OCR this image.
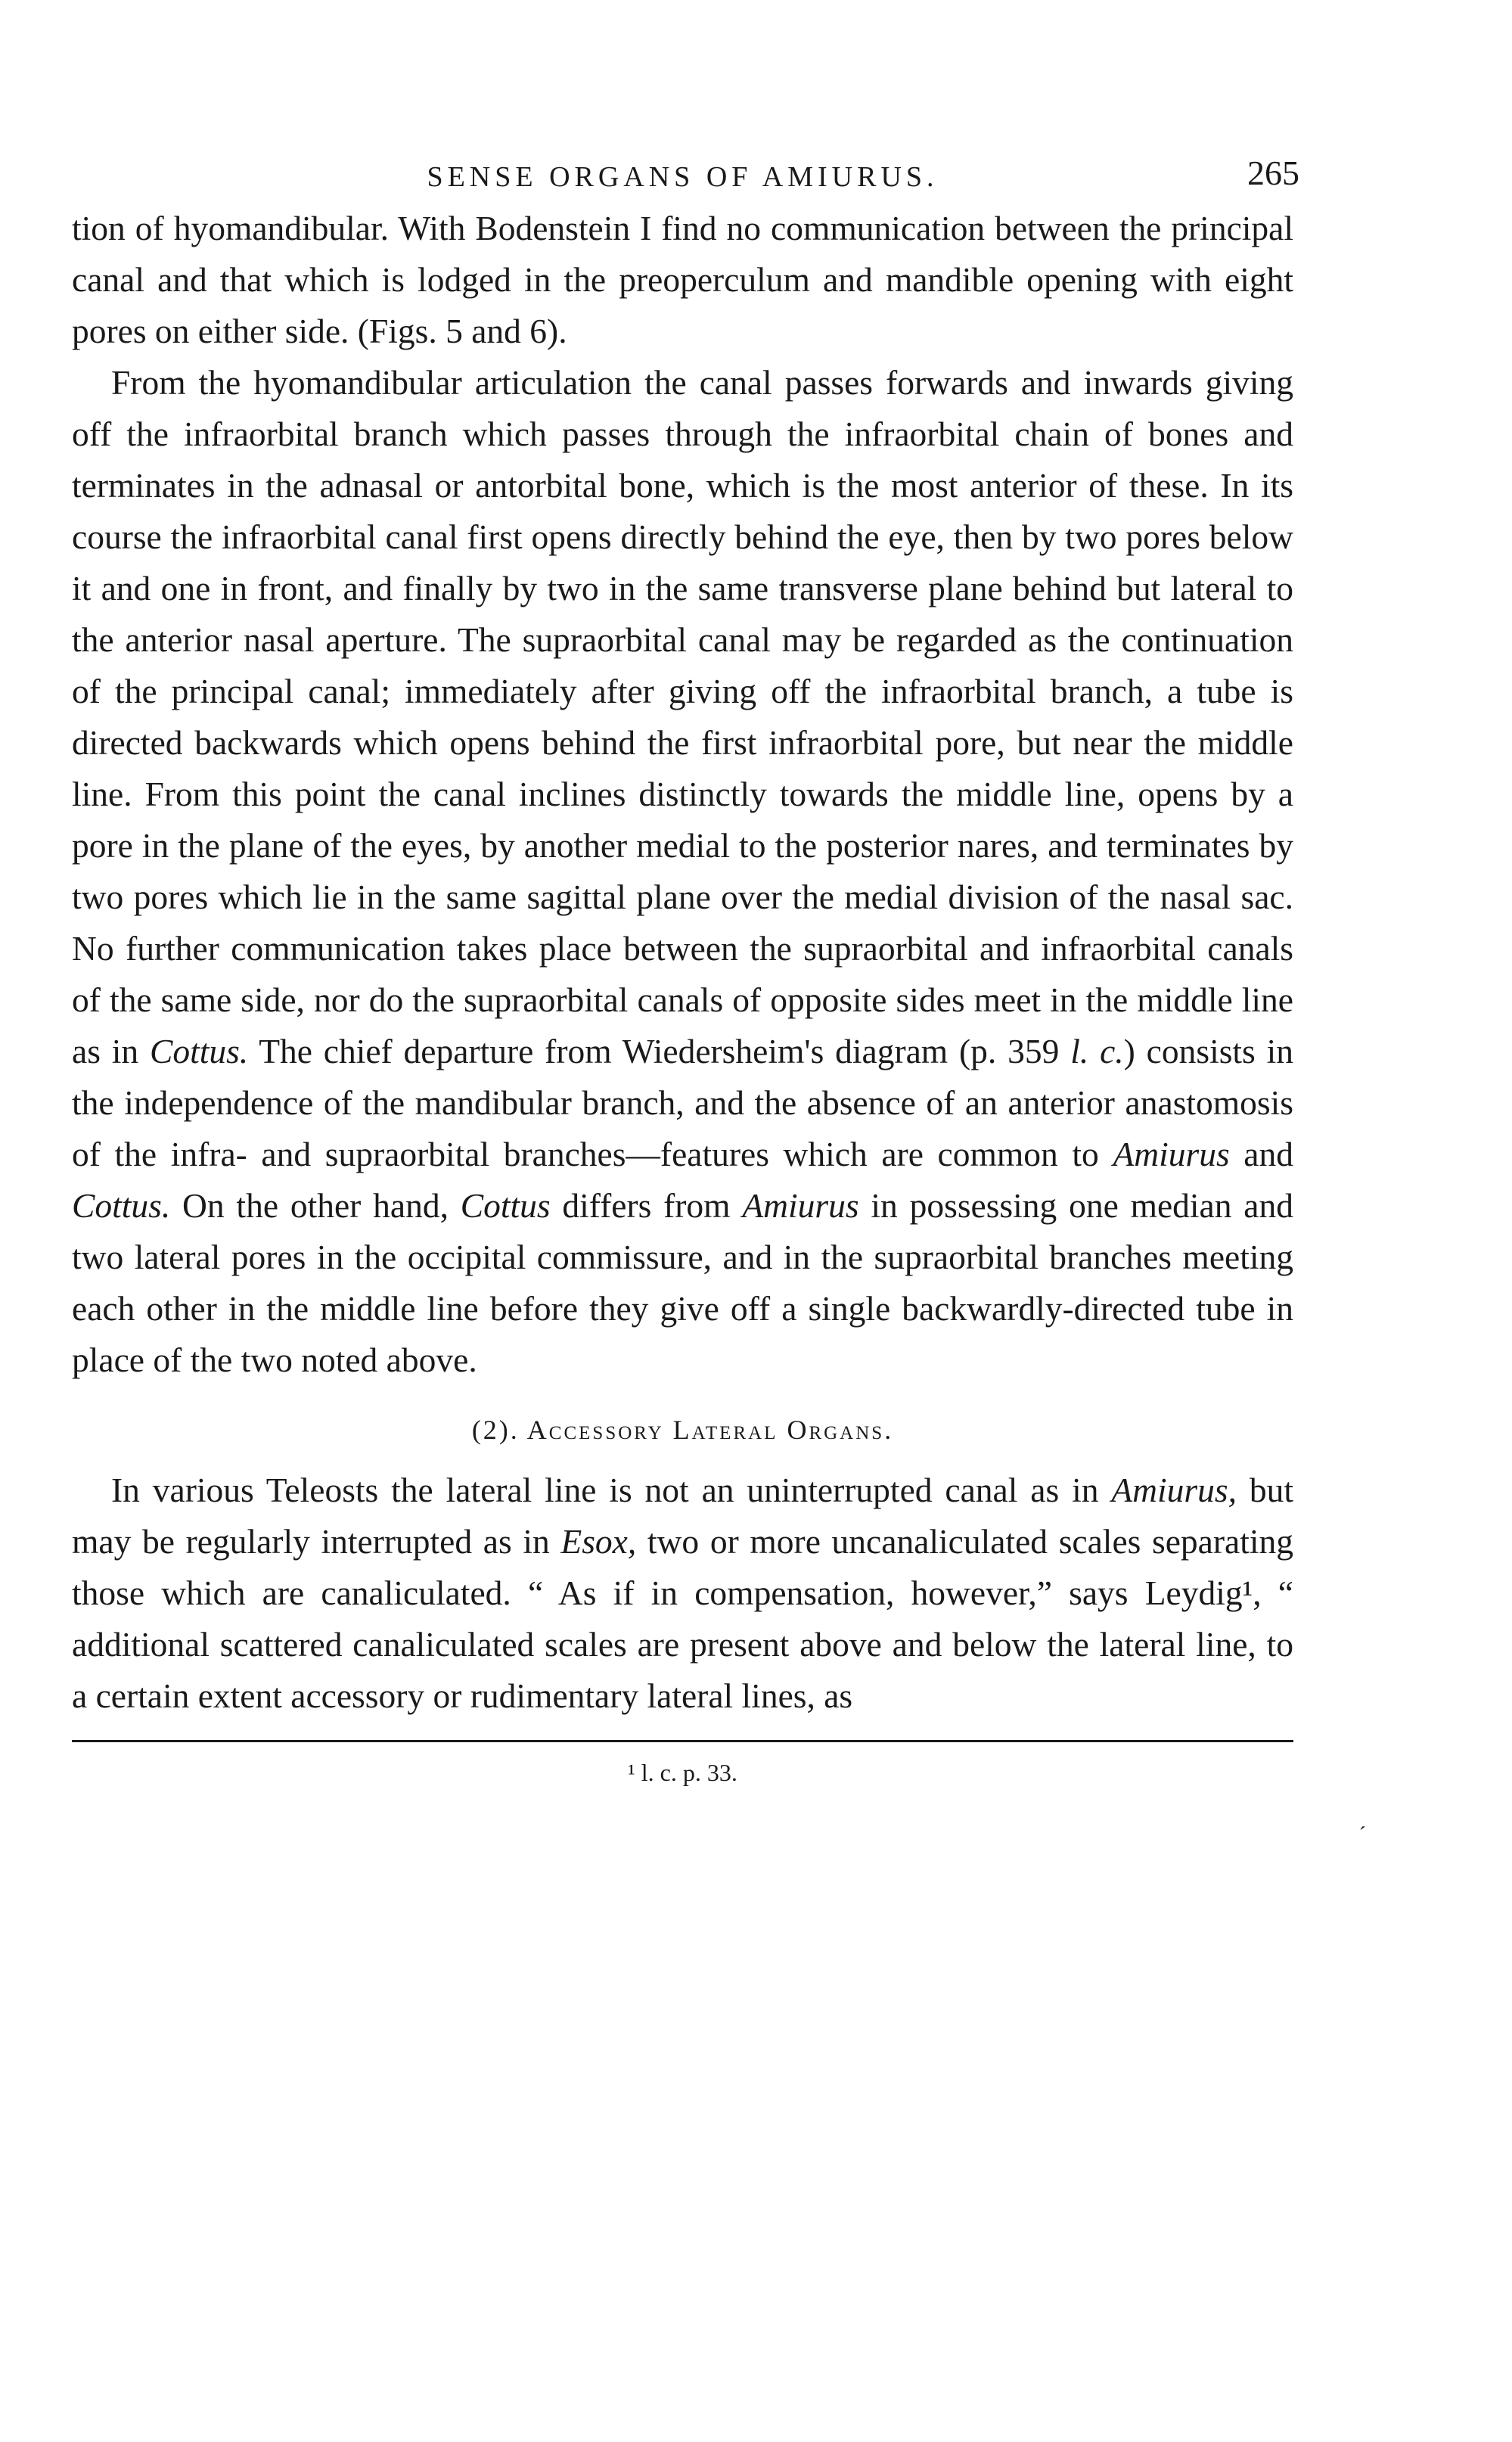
SENSE ORGANS OF AMIURUS.	265

tion of hyomandibular. With Bodenstein I find no communication between the principal canal and that which is lodged in the preoperculum and mandible opening with eight pores on either side. (Figs. 5 and 6).

From the hyomandibular articulation the canal passes forwards and inwards giving off the infraorbital branch which passes through the infraorbital chain of bones and terminates in the adnasal or antorbital bone, which is the most anterior of these. In its course the infraorbital canal first opens directly behind the eye, then by two pores below it and one in front, and finally by two in the same transverse plane behind but lateral to the anterior nasal aperture. The supraorbital canal may be regarded as the continuation of the principal canal; immediately after giving off the infraorbital branch, a tube is directed backwards which opens behind the first infraorbital pore, but near the middle line. From this point the canal inclines distinctly towards the middle line, opens by a pore in the plane of the eyes, by another medial to the posterior nares, and terminates by two pores which lie in the same sagittal plane over the medial division of the nasal sac. No further communication takes place between the supraorbital and infraorbital canals of the same side, nor do the supraorbital canals of opposite sides meet in the middle line as in Cottus. The chief departure from Wiedersheim's diagram (p. 359 l. c.) consists in the independence of the mandibular branch, and the absence of an anterior anastomosis of the infra- and supraorbital branches—features which are common to Amiurus and Cottus. On the other hand, Cottus differs from Amiurus in possessing one median and two lateral pores in the occipital commissure, and in the supraorbital branches meeting each other in the middle line before they give off a single backwardly-directed tube in place of the two noted above.

(2). Accessory Lateral Organs.

In various Teleosts the lateral line is not an uninterrupted canal as in Amiurus, but may be regularly interrupted as in Esox, two or more uncanaliculated scales separating those which are canaliculated. “ As if in compensation, however,” says Leydig¹, “ additional scattered canaliculated scales are present above and below the lateral line, to a certain extent accessory or rudimentary lateral lines, as

¹ l. c. p. 33.
´
